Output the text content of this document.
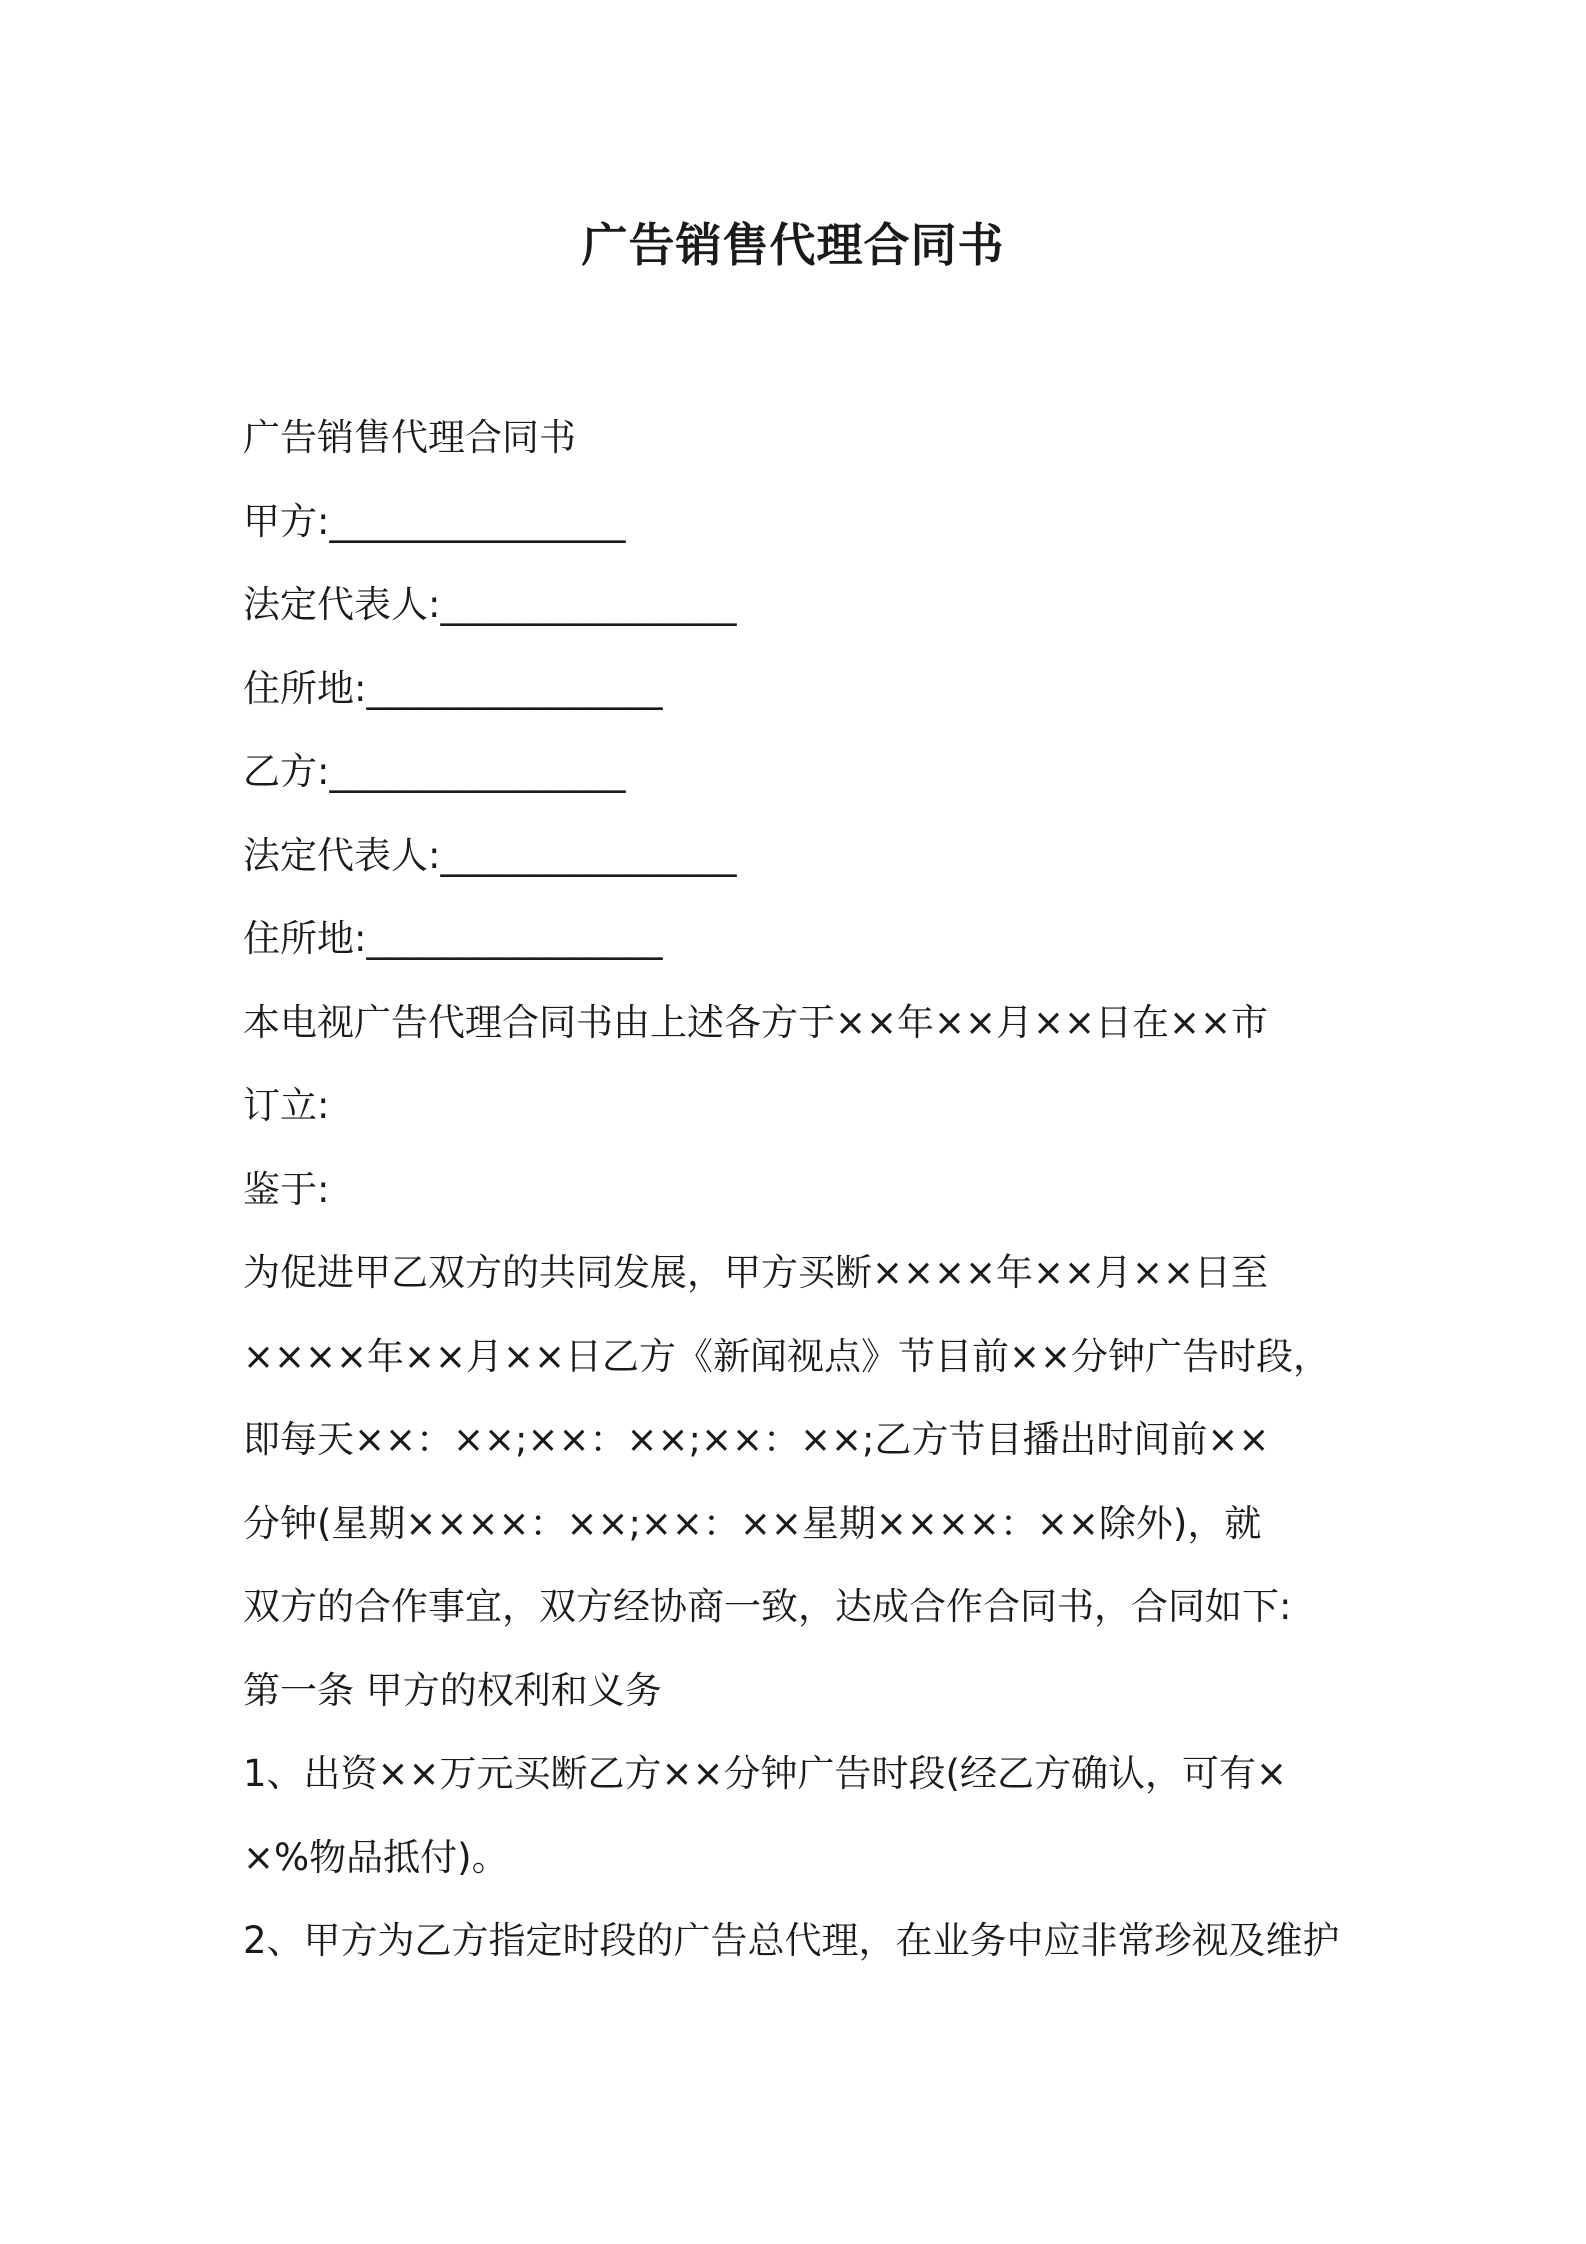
广告销售代理合同书
广告销售代理合同书
甲方:________________
法定代表人:________________
住所地:________________
乙方:________________
法定代表人:________________
住所地:________________
本电视广告代理合同书由上述各方于××年××月××日在××市
订立:
鉴于:
为促进甲乙双方的共同发展，甲方买断××××年××月××日至
××××年××月××日乙方《新闻视点》节目前××分钟广告时段，
即每天××：××;××：××;××：××;乙方节目播出时间前××
分钟(星期××××：××;××：××星期××××：××除外)，就
双方的合作事宜，双方经协商一致，达成合作合同书，合同如下:
第一条 甲方的权利和义务
1、出资××万元买断乙方××分钟广告时段(经乙方确认，可有×
×%物品抵付)。
2、甲方为乙方指定时段的广告总代理，在业务中应非常珍视及维护
